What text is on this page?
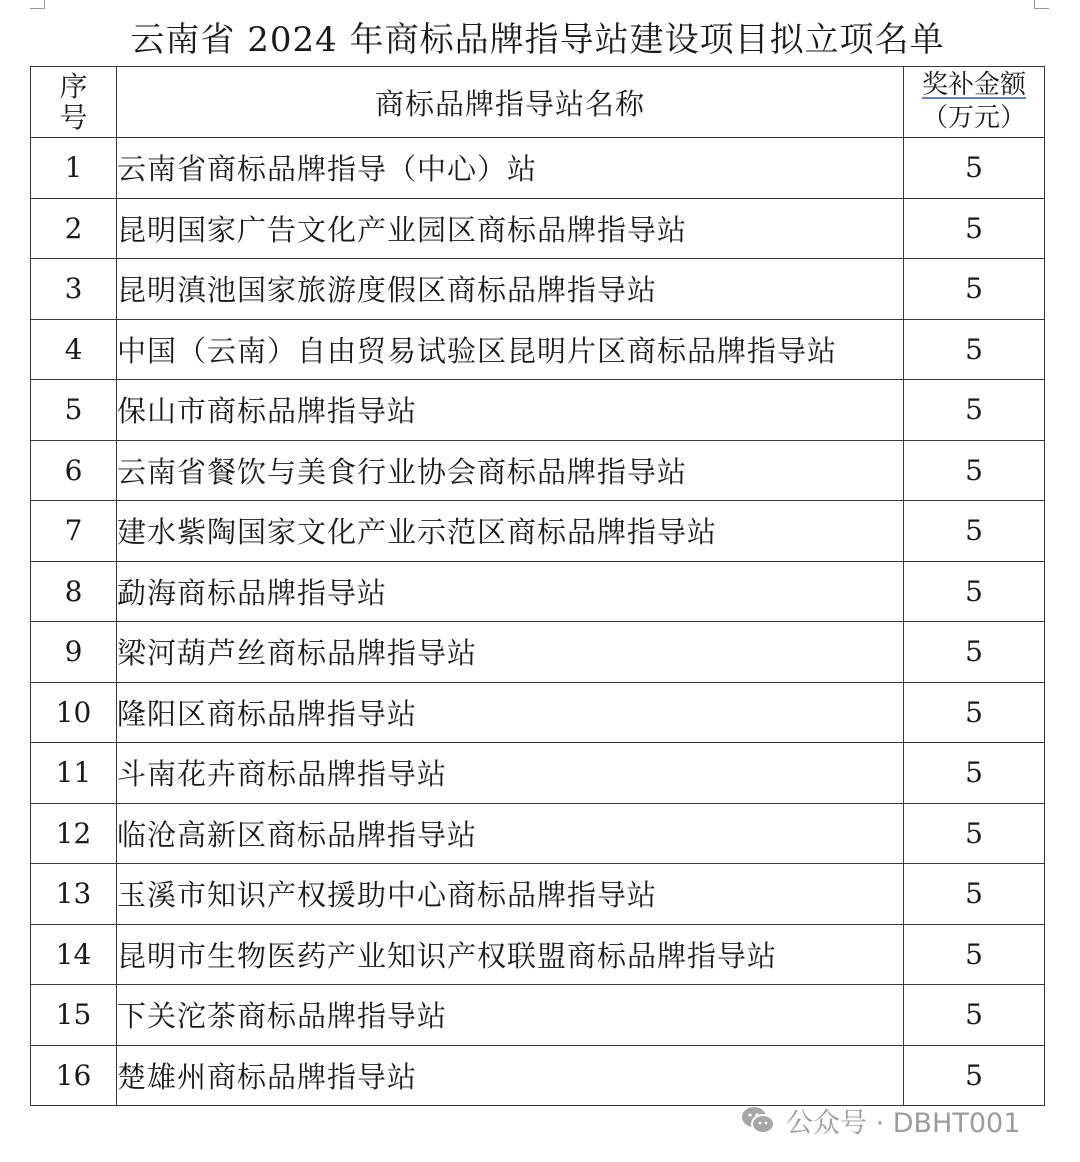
云南省 2024 年商标品牌指导站建设项目拟立项名单
序
号	商标品牌指导站名称	奖补金额
（万元）

1	云南省商标品牌指导（中心）站	5
2	昆明国家广告文化产业园区商标品牌指导站	5
3	昆明滇池国家旅游度假区商标品牌指导站	5
4	中国（云南）自由贸易试验区昆明片区商标品牌指导站	5
5	保山市商标品牌指导站	5
6	云南省餐饮与美食行业协会商标品牌指导站	5
7	建水紫陶国家文化产业示范区商标品牌指导站	5
8	勐海商标品牌指导站	5
9	梁河葫芦丝商标品牌指导站	5
10	隆阳区商标品牌指导站	5
11	斗南花卉商标品牌指导站	5
12	临沧高新区商标品牌指导站	5
13	玉溪市知识产权援助中心商标品牌指导站	5
14	昆明市生物医药产业知识产权联盟商标品牌指导站	5
15	下关沱茶商标品牌指导站	5
16	楚雄州商标品牌指导站	5
公众号 · DBHT001
